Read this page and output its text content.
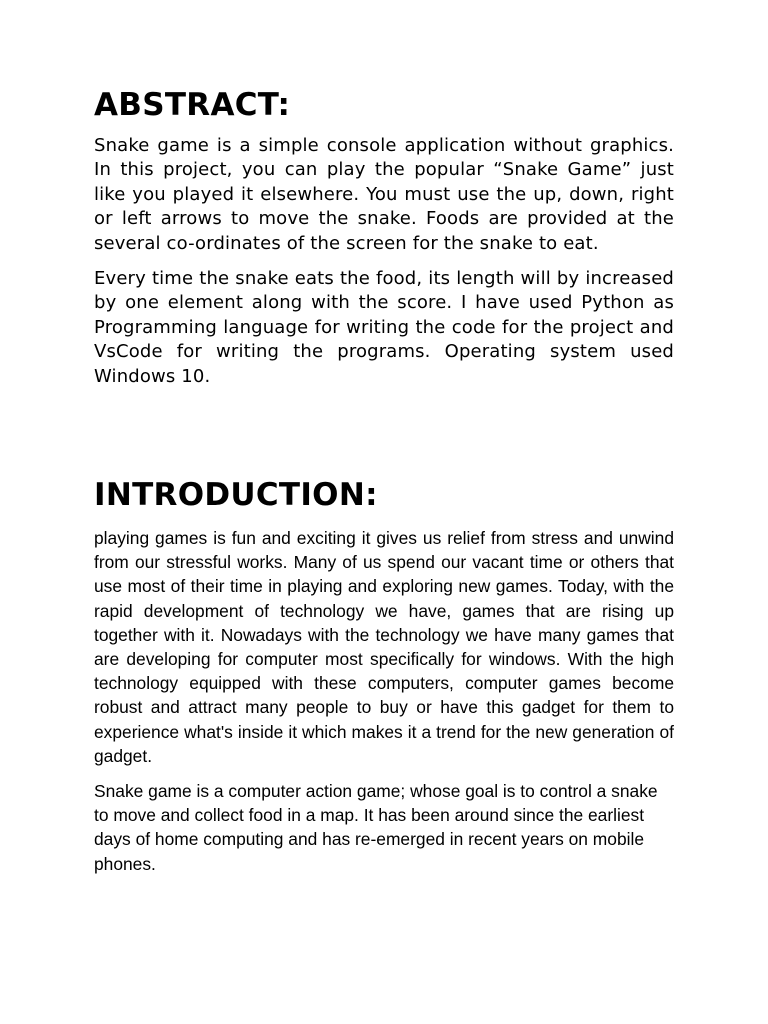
ABSTRACT:

Snake game is a simple console application without graphics. In this project, you can play the popular “Snake Game” just like you played it elsewhere. You must use the up, down, right or left arrows to move the snake. Foods are provided at the several co-ordinates of the screen for the snake to eat.

Every time the snake eats the food, its length will by increased by one element along with the score. I have used Python as Programming language for writing the code for the project and VsCode for writing the programs. Operating system used Windows 10.

INTRODUCTION:

playing games is fun and exciting it gives us relief from stress and unwind from our stressful works. Many of us spend our vacant time or others that use most of their time in playing and exploring new games. Today, with the rapid development of technology we have, games that are rising up together with it. Nowadays with the technology we have many games that are developing for computer most specifically for windows. With the high technology equipped with these computers, computer games become robust and attract many people to buy or have this gadget for them to experience what's inside it which makes it a trend for the new generation of gadget.

Snake game is a computer action game; whose goal is to control a snake to move and collect food in a map. It has been around since the earliest days of home computing and has re-emerged in recent years on mobile phones.
